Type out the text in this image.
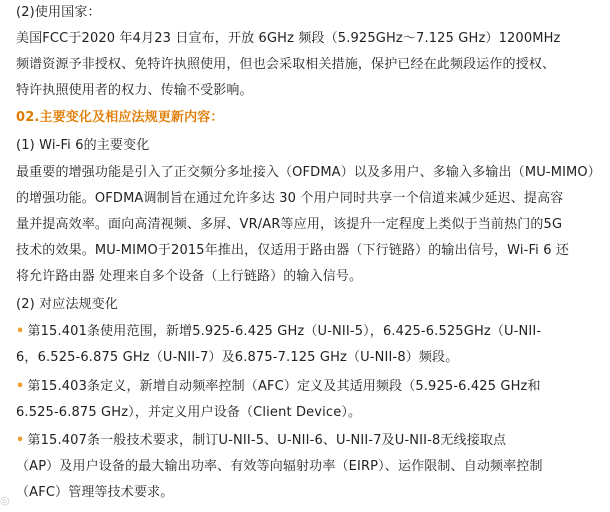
(2)使用国家：
美国FCC于2020 年4月23 日宣布，开放 6GHz 频段（5.925GHz～7.125 GHz）1200MHz
频谱资源予非授权、免特许执照使用，但也会采取相关措施，保护已经在此频段运作的授权、
特许执照使用者的权力、传输不受影响。
02.主要变化及相应法规更新内容：
(1) Wi-Fi 6的主要变化
最重要的增强功能是引入了正交频分多址接入（OFDMA）以及多用户、多输入多输出（MU-MIMO）
的增强功能。OFDMA调制旨在通过允许多达 30 个用户同时共享一个信道来减少延迟、提高容
量并提高效率。面向高清视频、多屏、VR/AR等应用，该提升一定程度上类似于当前热门的5G
技术的效果。MU-MIMO于2015年推出，仅适用于路由器（下行链路）的输出信号，Wi-Fi 6 还
将允许路由器 处理来自多个设备（上行链路）的输入信号。
(2) 对应法规变化
• 第15.401条使用范围，新增5.925-6.425 GHz（U-NII-5），6.425-6.525GHz（U-NII-
6，6.525-6.875 GHz（U-NII-7）及6.875-7.125 GHz（U-NII-8）频段。
• 第15.403条定义，新增自动频率控制（AFC）定义及其适用频段（5.925-6.425 GHz和
6.525-6.875 GHz），并定义用户设备（Client Device）。
• 第15.407条一般技术要求，制订U-NII-5、U-NII-6、U-NII-7及U-NII-8无线接取点
（AP）及用户设备的最大输出功率、有效等向辐射功率（EIRP）、运作限制、自动频率控制
（AFC）管理等技术要求。
◎
